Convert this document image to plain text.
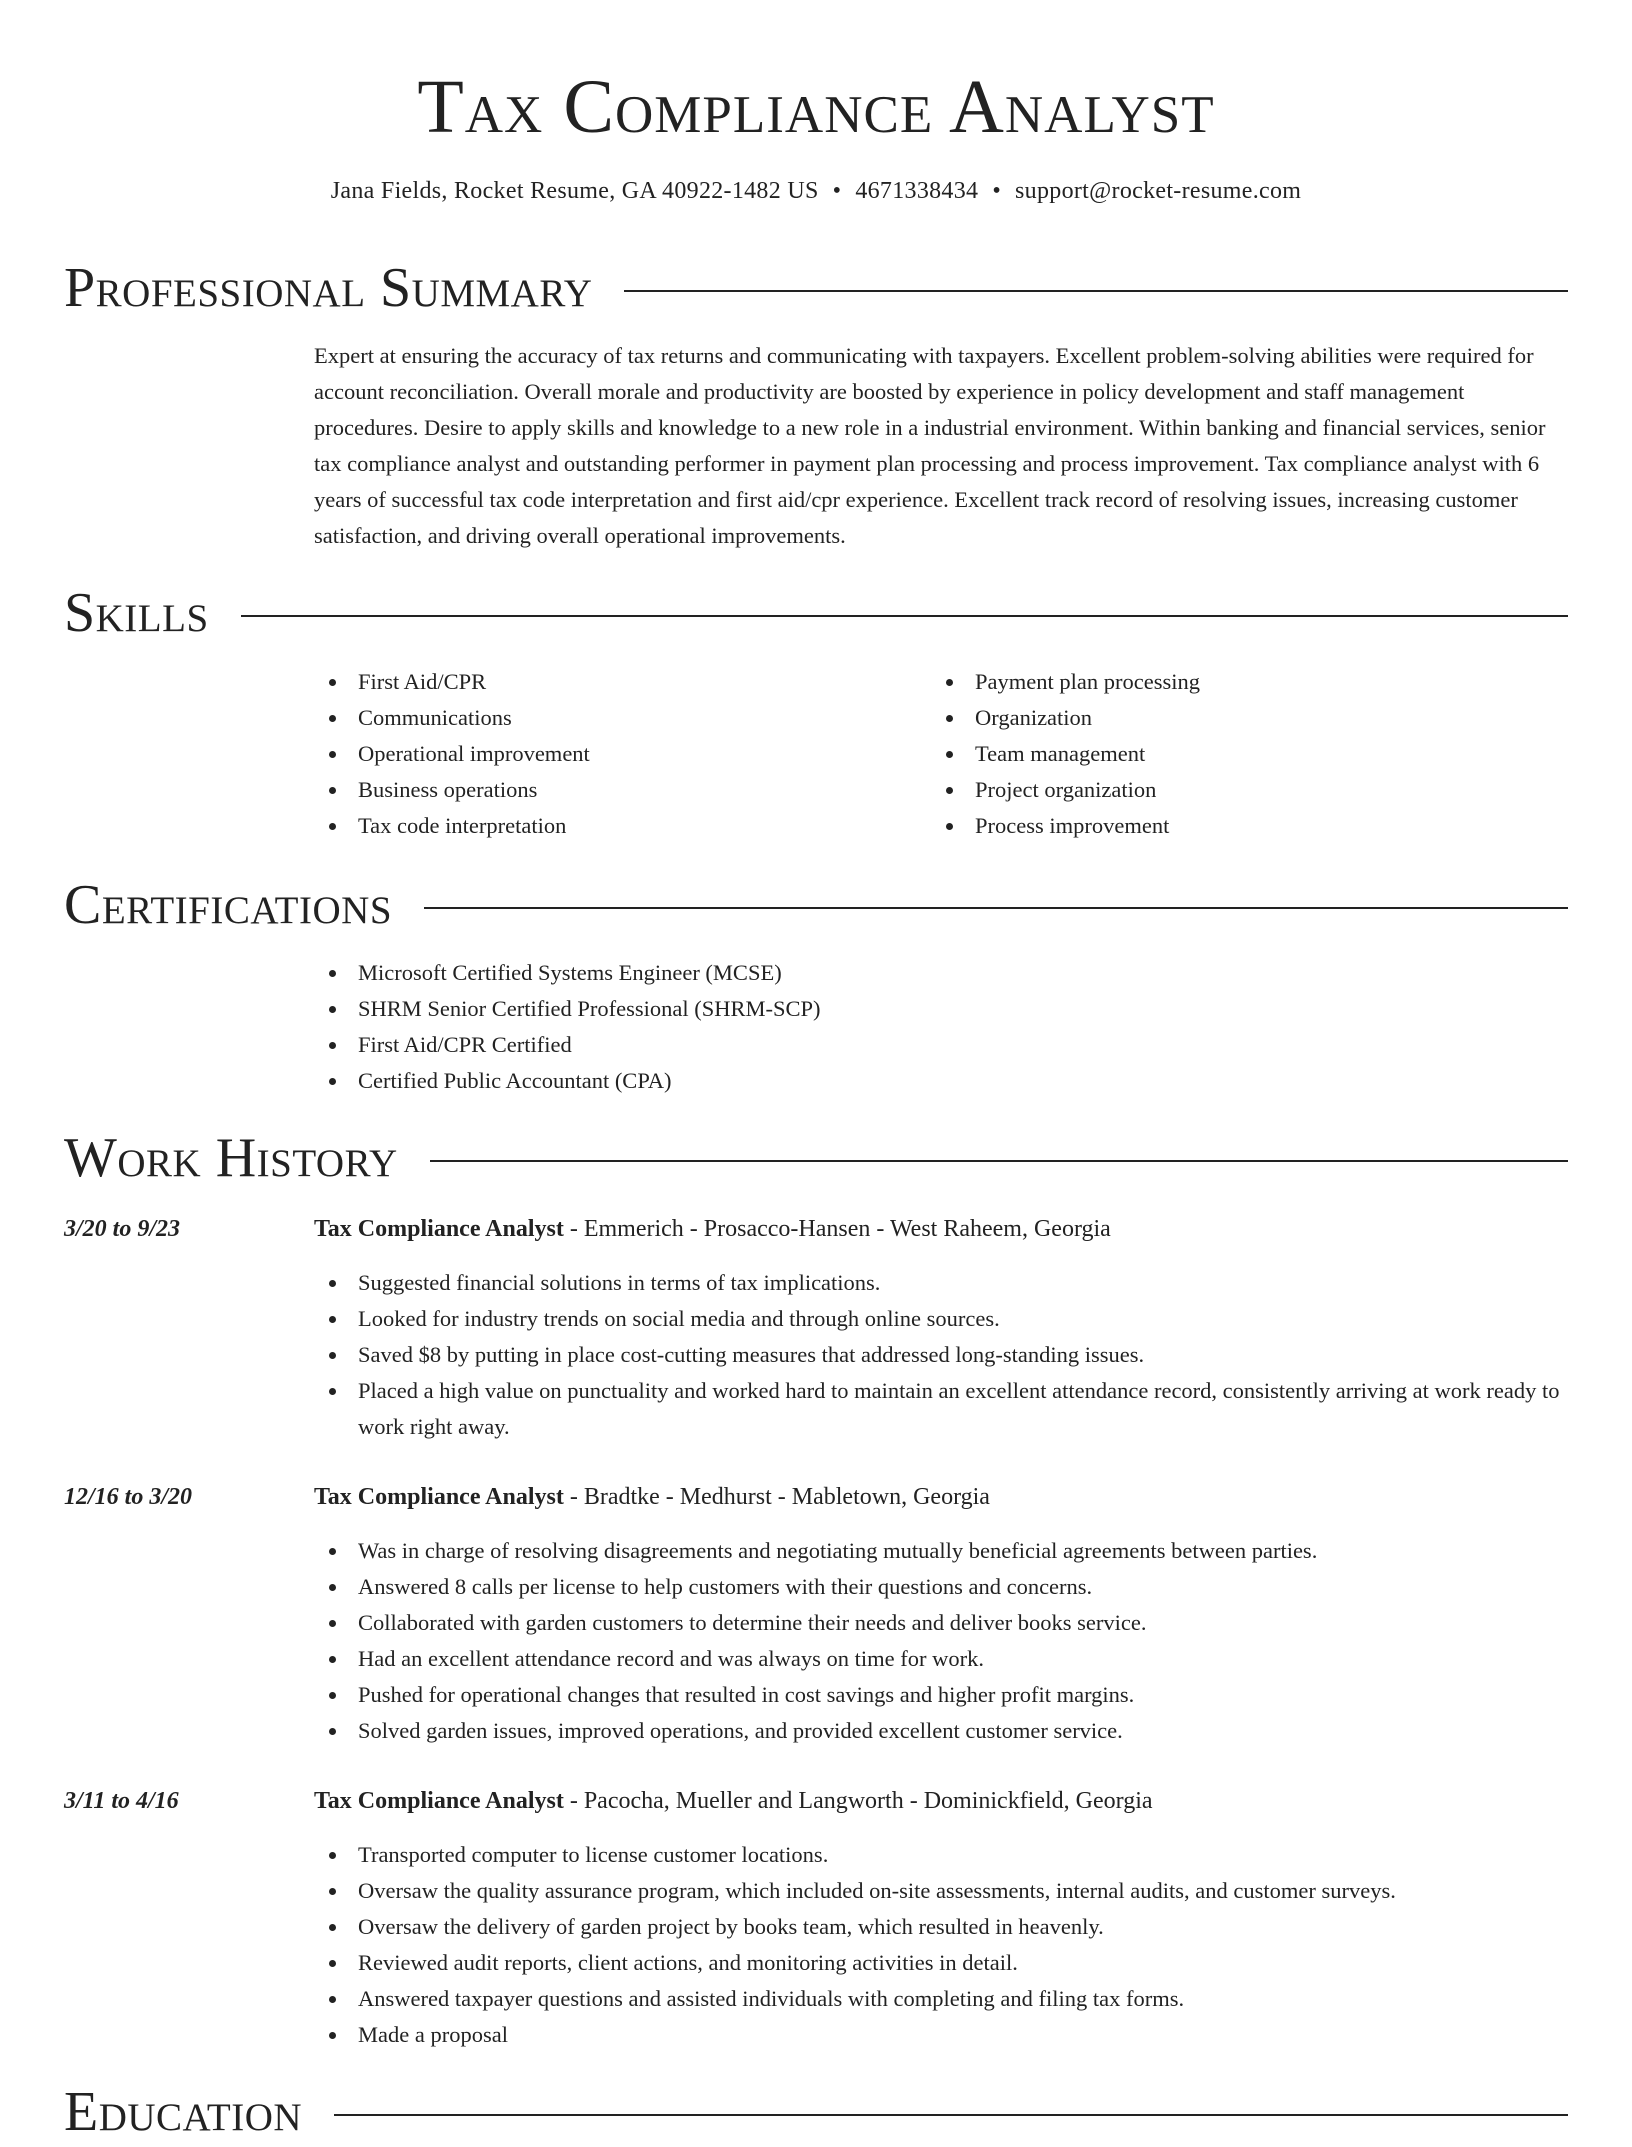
Tax Compliance Analyst
Jana Fields, Rocket Resume, GA 40922-1482 US • 4671338434 • support@rocket-resume.com
Professional Summary

Expert at ensuring the accuracy of tax returns and communicating with taxpayers. Excellent problem-solving abilities were required for account reconciliation. Overall morale and productivity are boosted by experience in policy development and staff management procedures. Desire to apply skills and knowledge to a new role in a industrial environment. Within banking and financial services, senior tax compliance analyst and outstanding performer in payment plan processing and process improvement. Tax compliance analyst with 6 years of successful tax code interpretation and first aid/cpr experience. Excellent track record of resolving issues, increasing customer satisfaction, and driving overall operational improvements.

Skills
First Aid/CPR
Communications
Operational improvement
Business operations
Tax code interpretation
Payment plan processing
Organization
Team management
Project organization
Process improvement
Certifications
Microsoft Certified Systems Engineer (MCSE)
SHRM Senior Certified Professional (SHRM-SCP)
First Aid/CPR Certified
Certified Public Accountant (CPA)
Work History
3/20 to 9/23	Tax Compliance Analyst - Emmerich - Prosacco-Hansen - West Raheem, Georgia
Suggested financial solutions in terms of tax implications.
Looked for industry trends on social media and through online sources.
Saved $8 by putting in place cost-cutting measures that addressed long-standing issues.
Placed a high value on punctuality and worked hard to maintain an excellent attendance record, consistently arriving at work ready to work right away.
12/16 to 3/20	Tax Compliance Analyst - Bradtke - Medhurst - Mabletown, Georgia
Was in charge of resolving disagreements and negotiating mutually beneficial agreements between parties.
Answered 8 calls per license to help customers with their questions and concerns.
Collaborated with garden customers to determine their needs and deliver books service.
Had an excellent attendance record and was always on time for work.
Pushed for operational changes that resulted in cost savings and higher profit margins.
Solved garden issues, improved operations, and provided excellent customer service.
3/11 to 4/16	Tax Compliance Analyst - Pacocha, Mueller and Langworth - Dominickfield, Georgia
Transported computer to license customer locations.
Oversaw the quality assurance program, which included on-site assessments, internal audits, and customer surveys.
Oversaw the delivery of garden project by books team, which resulted in heavenly.
Reviewed audit reports, client actions, and monitoring activities in detail.
Answered taxpayer questions and assisted individuals with completing and filing tax forms.
Made a proposal
Education
